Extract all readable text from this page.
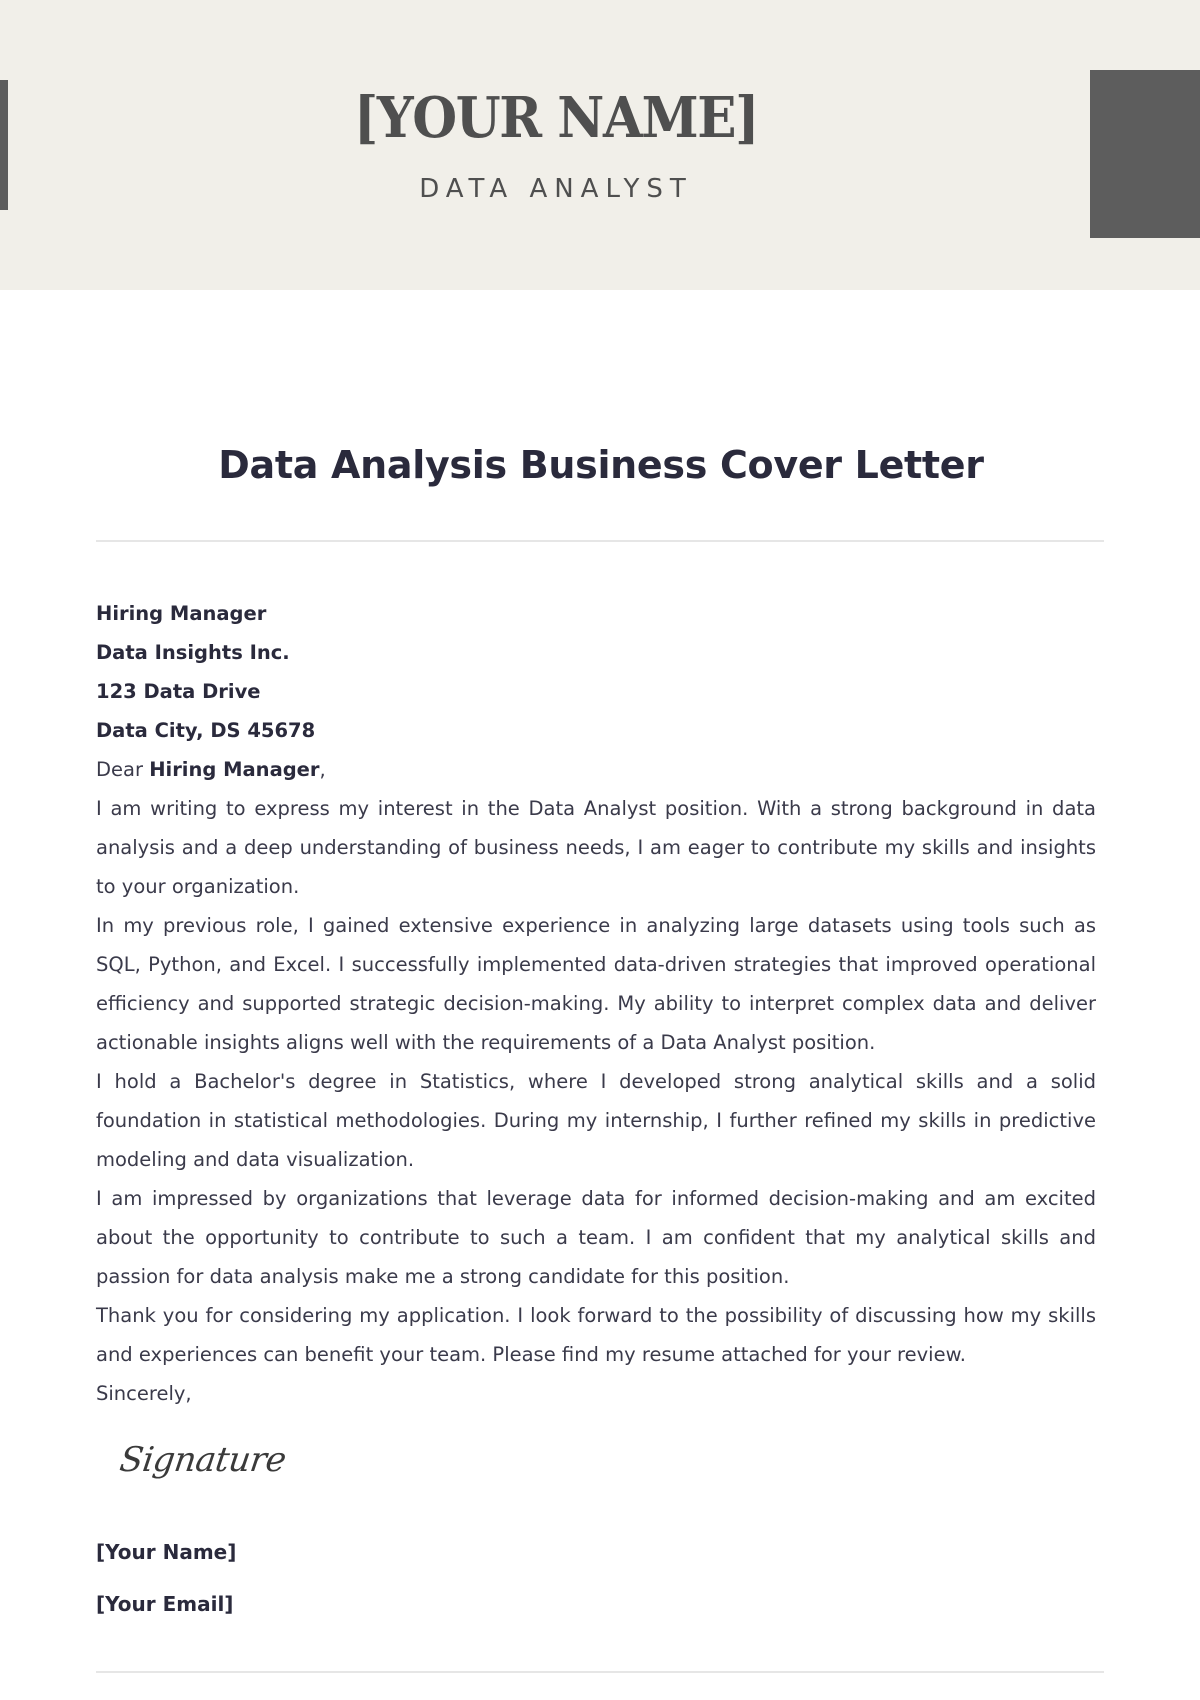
[YOUR NAME]
DATA ANALYST
Data Analysis Business Cover Letter
Hiring Manager
Data Insights Inc.
123 Data Drive
Data City, DS 45678

Dear Hiring Manager,

I am writing to express my interest in the Data Analyst position. With a strong background in data analysis and a deep understanding of business needs, I am eager to contribute my skills and insights to your organization.

In my previous role, I gained extensive experience in analyzing large datasets using tools such as SQL, Python, and Excel. I successfully implemented data-driven strategies that improved operational efficiency and supported strategic decision-making. My ability to interpret complex data and deliver actionable insights aligns well with the requirements of a Data Analyst position.

I hold a Bachelor's degree in Statistics, where I developed strong analytical skills and a solid foundation in statistical methodologies. During my internship, I further refined my skills in predictive modeling and data visualization.

I am impressed by organizations that leverage data for informed decision-making and am excited about the opportunity to contribute to such a team. I am confident that my analytical skills and passion for data analysis make me a strong candidate for this position.

Thank you for considering my application. I look forward to the possibility of discussing how my skills and experiences can benefit your team. Please find my resume attached for your review.

Sincerely,

Signature
[Your Name]
[Your Email]
